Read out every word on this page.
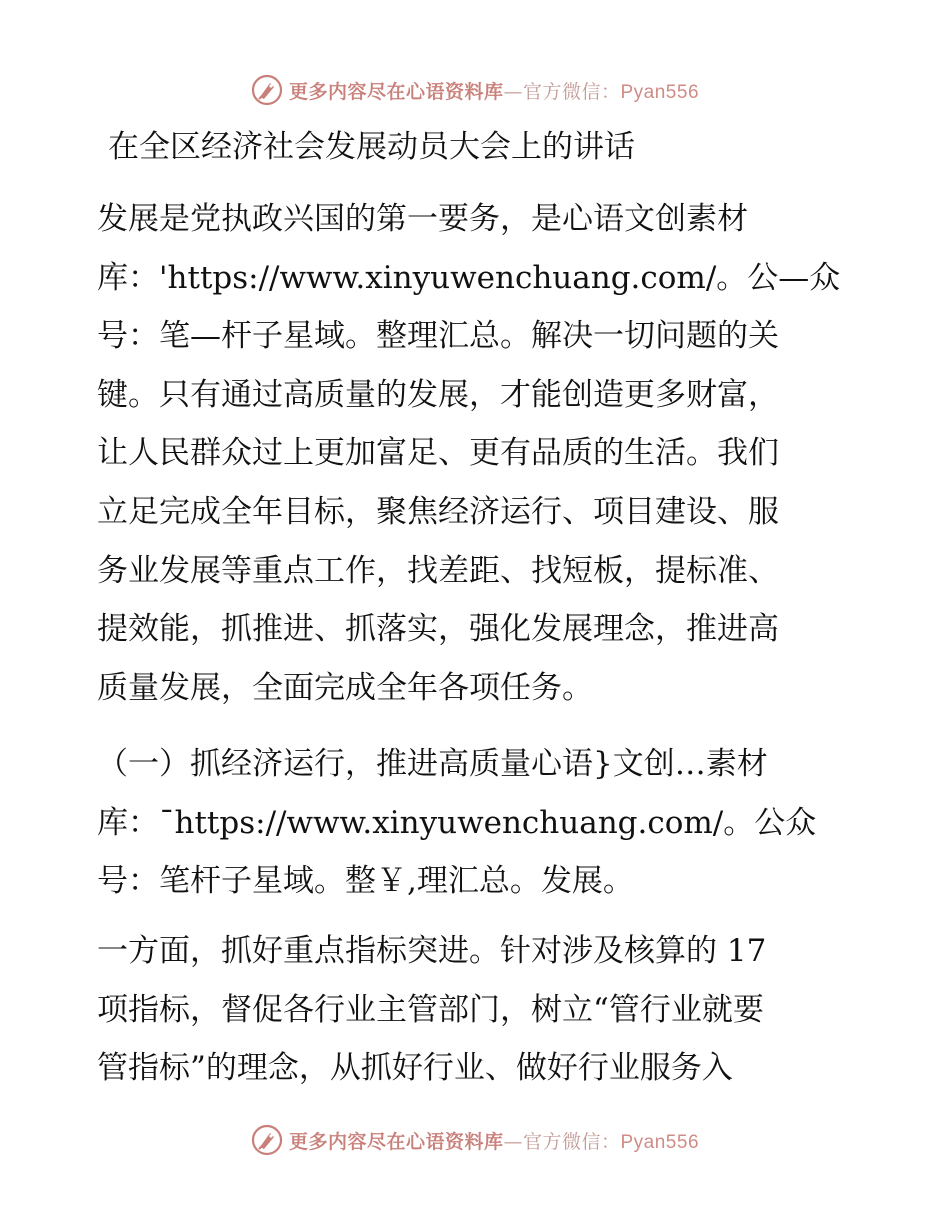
更多内容尽在心语资料库—官方微信：Pyan556
在全区经济社会发展动员大会上的讲话
发展是党执政兴国的第一要务，是心语文创素材
库：'https://www.xinyuwenchuang.com/。公—众
号：笔—杆子星域。整理汇总。解决一切问题的关
键。只有通过高质量的发展，才能创造更多财富，
让人民群众过上更加富足、更有品质的生活。我们
立足完成全年目标，聚焦经济运行、项目建设、服
务业发展等重点工作，找差距、找短板，提标准、
提效能，抓推进、抓落实，强化发展理念，推进高
质量发展，全面完成全年各项任务。
（一）抓经济运行，推进高质量心语}文创…素材
库：¯https://www.xinyuwenchuang.com/。公众
号：笔杆子星域。整￥,理汇总。发展。
一方面，抓好重点指标突进。针对涉及核算的 17
项指标，督促各行业主管部门，树立“管行业就要
管指标”的理念，从抓好行业、做好行业服务入
更多内容尽在心语资料库—官方微信：Pyan556
